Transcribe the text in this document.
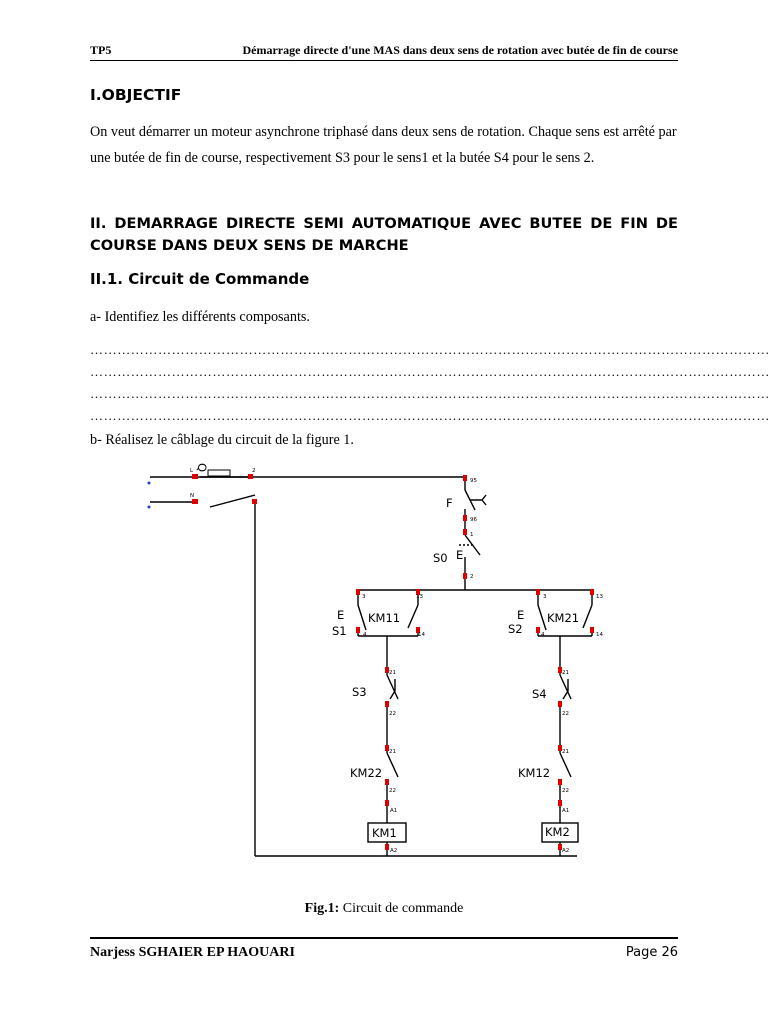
TP5	Démarrage directe d'une MAS dans deux sens de rotation avec butée de fin de course
I.OBJECTIF
On veut démarrer un moteur asynchrone triphasé dans deux sens de rotation. Chaque sens est arrêté par une butée de fin de course, respectivement S3 pour le sens1 et la butée S4 pour le sens 2.
II. DEMARRAGE DIRECTE SEMI AUTOMATIQUE AVEC BUTEE DE FIN DE
COURSE DANS DEUX SENS DE MARCHE
II.1. Circuit de Commande
a- Identifiez les différents composants.
……………………………………………………………………………………………………………………………………
……………………………………………………………………………………………………………………………………
……………………………………………………………………………………………………………………………………
……………………………………………………………………………………………………………………………………
b- Réalisez le câblage du circuit de la figure 1.
Q
F
S0 E
E
S1
KM11	E
S2
KM21
S3	S4
KM22	KM12
KM1	KM2
L
N
2
95
96
1
2
3	13
4	14
3	13
4	14
21
22
21
22
21
22
21
22
A1
A2
A1
A2
Fig.1: Circuit de commande
Narjess SGHAIER EP HAOUARI	Page 26
